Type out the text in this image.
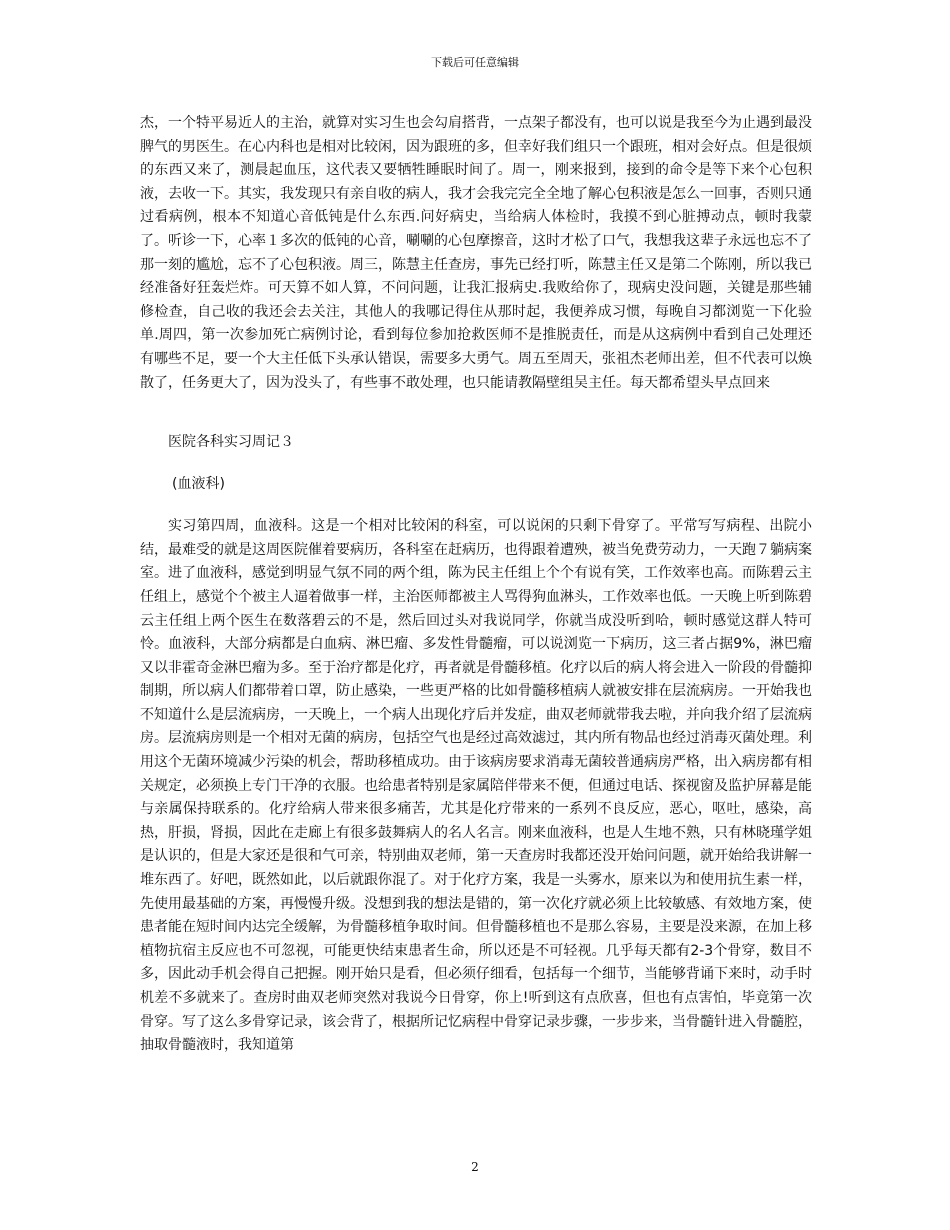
下载后可任意编辑

杰，一个特平易近人的主治，就算对实习生也会勾肩搭背，一点架子都没有，也可以说是我至今为止遇到最没脾气的男医生。在心内科也是相对比较闲，因为跟班的多，但幸好我们组只一个跟班，相对会好点。但是很烦的东西又来了，测晨起血压，这代表又要牺牲睡眠时间了。周一，刚来报到，接到的命令是等下来个心包积液，去收一下。其实，我发现只有亲自收的病人，我才会我完完全全地了解心包积液是怎么一回事，否则只通过看病例，根本不知道心音低钝是什么东西.问好病史，当给病人体检时，我摸不到心脏搏动点，顿时我蒙了。听诊一下，心率１多次的低钝的心音，唰唰的心包摩擦音，这时才松了口气，我想我这辈子永远也忘不了那一刻的尴尬，忘不了心包积液。周三，陈慧主任查房，事先已经打听，陈慧主任又是第二个陈刚，所以我已经准备好狂轰烂炸。可天算不如人算，不问问题，让我汇报病史.我败给你了，现病史没问题，关键是那些辅修检查，自己收的我还会去关注，其他人的我哪记得住从那时起，我便养成习惯，每晚自习都浏览一下化验单.周四，第一次参加死亡病例讨论，看到每位参加抢救医师不是推脱责任，而是从这病例中看到自己处理还有哪些不足，要一个大主任低下头承认错误，需要多大勇气。周五至周天，张祖杰老师出差，但不代表可以焕散了，任务更大了，因为没头了，有些事不敢处理，也只能请教隔壁组吴主任。每天都希望头早点回来

医院各科实习周记３

(血液科)

实习第四周，血液科。这是一个相对比较闲的科室，可以说闲的只剩下骨穿了。平常写写病程、出院小结，最难受的就是这周医院催着要病历，各科室在赶病历，也得跟着遭殃，被当免费劳动力，一天跑７躺病案室。进了血液科，感觉到明显气氛不同的两个组，陈为民主任组上个个有说有笑，工作效率也高。而陈碧云主任组上，感觉个个被主人逼着做事一样，主治医师都被主人骂得狗血淋头，工作效率也低。一天晚上听到陈碧云主任组上两个医生在数落碧云的不是，然后回过头对我说同学，你就当成没听到哈，顿时感觉这群人特可怜。血液科，大部分病都是白血病、淋巴瘤、多发性骨髓瘤，可以说浏览一下病历，这三者占据9%，淋巴瘤又以非霍奇金淋巴瘤为多。至于治疗都是化疗，再者就是骨髓移植。化疗以后的病人将会进入一阶段的骨髓抑制期，所以病人们都带着口罩，防止感染，一些更严格的比如骨髓移植病人就被安排在层流病房。一开始我也不知道什么是层流病房，一天晚上，一个病人出现化疗后并发症，曲双老师就带我去啦，并向我介绍了层流病房。层流病房则是一个相对无菌的病房，包括空气也是经过高效滤过，其内所有物品也经过消毒灭菌处理。利用这个无菌环境减少污染的机会，帮助移植成功。由于该病房要求消毒无菌较普通病房严格，出入病房都有相关规定，必须换上专门干净的衣服。也给患者特别是家属陪伴带来不便，但通过电话、探视窗及监护屏幕是能与亲属保持联系的。化疗给病人带来很多痛苦，尤其是化疗带来的一系列不良反应，恶心，呕吐，感染，高热，肝损，肾损，因此在走廊上有很多鼓舞病人的名人名言。刚来血液科，也是人生地不熟，只有林晓瑾学姐是认识的，但是大家还是很和气可亲，特别曲双老师，第一天查房时我都还没开始问问题，就开始给我讲解一堆东西了。好吧，既然如此，以后就跟你混了。对于化疗方案，我是一头雾水，原来以为和使用抗生素一样，先使用最基础的方案，再慢慢升级。没想到我的想法是错的，第一次化疗就必须上比较敏感、有效地方案，使患者能在短时间内达完全缓解，为骨髓移植争取时间。但骨髓移植也不是那么容易，主要是没来源，在加上移植物抗宿主反应也不可忽视，可能更快结束患者生命，所以还是不可轻视。几乎每天都有2-3个骨穿，数目不多，因此动手机会得自己把握。刚开始只是看，但必须仔细看，包括每一个细节，当能够背诵下来时，动手时机差不多就来了。查房时曲双老师突然对我说今日骨穿，你上!听到这有点欣喜，但也有点害怕，毕竟第一次骨穿。写了这么多骨穿记录，该会背了，根据所记忆病程中骨穿记录步骤，一步步来，当骨髓针进入骨髓腔，抽取骨髓液时，我知道第

2
